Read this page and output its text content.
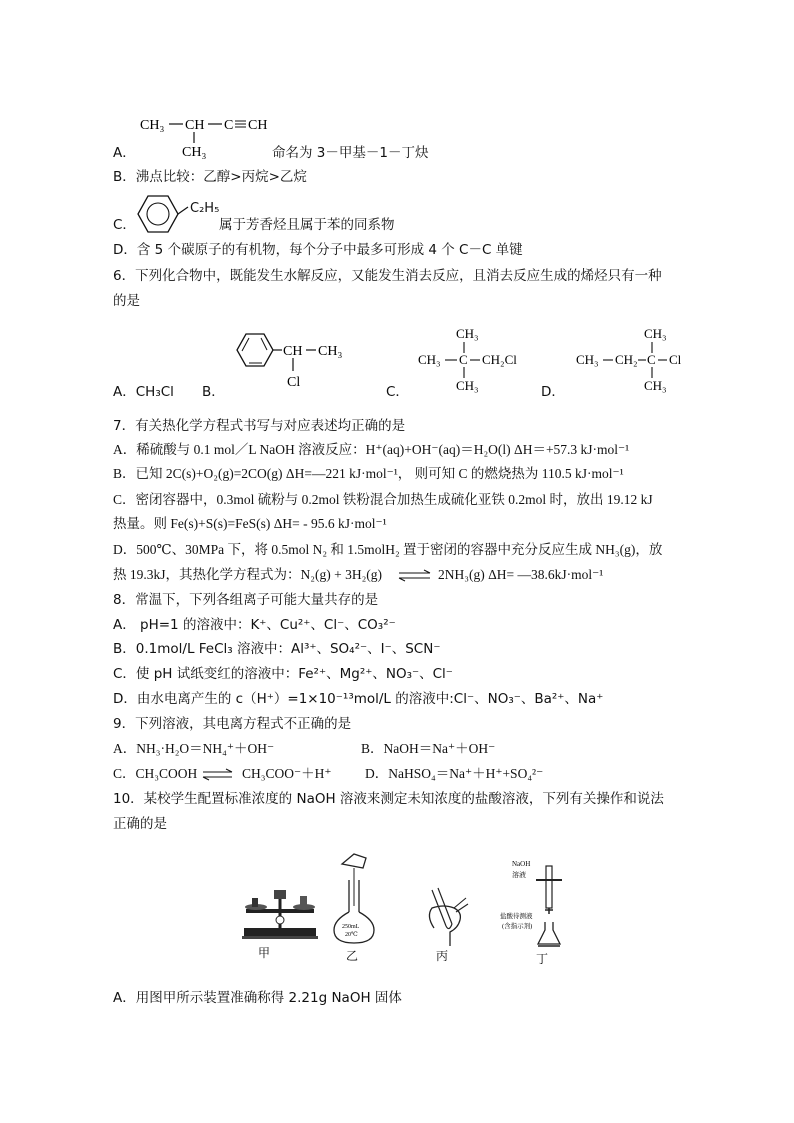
CH₃ CH C CH
CH₃
A．	命名为 3－甲基－1－丁炔
B．沸点比较：乙醇>丙烷>乙烷
C．
C₂H₅
属于芳香烃且属于苯的同系物
D．含 5 个碳原子的有机物，每个分子中最多可形成 4 个 C－C 单键
6．下列化合物中，既能发生水解反应，又能发生消去反应，且消去反应生成的烯烃只有一种
的是
A．CH₃Cl B．
CH CH₃
Cl
C．
CH₃
CH₃ C CH₂Cl
CH₃	D．
CH₃
CH₃ CH₂ C Cl
CH₃
7．有关热化学方程式书写与对应表述均正确的是
A．稀硫酸与 0.1 mol／L NaOH 溶液反应：H⁺(aq)+OH⁻(aq)＝H₂O(l) ΔH＝+57.3 kJ·mol⁻¹
B．已知 2C(s)+O₂(g)=2CO(g) ΔH=—221 kJ·mol⁻¹， 则可知 C 的燃烧热为 110.5 kJ·mol⁻¹
C．密闭容器中，0.3mol 硫粉与 0.2mol 铁粉混合加热生成硫化亚铁 0.2mol 时，放出 19.12 kJ
热量。则 Fe(s)+S(s)=FeS(s) ΔH= - 95.6 kJ·mol⁻¹
D．500℃、30MPa 下，将 0.5mol N₂ 和 1.5molH₂ 置于密闭的容器中充分反应生成 NH₃(g)，放
热 19.3kJ，其热化学方程式为：N₂(g) + 3H₂(g) ⇌ 2NH₃(g) ΔH= —38.6kJ·mol⁻¹
8．常温下，下列各组离子可能大量共存的是
A． pH=1 的溶液中：K⁺、Cu²⁺、Cl⁻、CO₃²⁻
B．0.1mol/L FeCl₃ 溶液中：Al³⁺、SO₄²⁻、I⁻、SCN⁻
C．使 pH 试纸变红的溶液中：Fe²⁺、Mg²⁺、NO₃⁻、Cl⁻
D．由水电离产生的 c（H⁺）=1×10⁻¹³mol/L 的溶液中:Cl⁻、NO₃⁻、Ba²⁺、Na⁺
9．下列溶液，其电离方程式不正确的是
A．NH₃·H₂O＝NH₄⁺＋OH⁻	B．NaOH＝Na⁺＋OH⁻
C．CH₃COOH ⇌ CH₃COO⁻＋H⁺ D．NaHSO₄＝Na⁺＋H⁺+SO₄²⁻
10．某校学生配置标准浓度的 NaOH 溶液来测定未知浓度的盐酸溶液，下列有关操作和说法
正确的是
甲
250mL
20℃
乙	丙
NaOH
溶液
盐酸待测液
(含指示剂)
丁
A．用图甲所示装置准确称得 2.21g NaOH 固体
